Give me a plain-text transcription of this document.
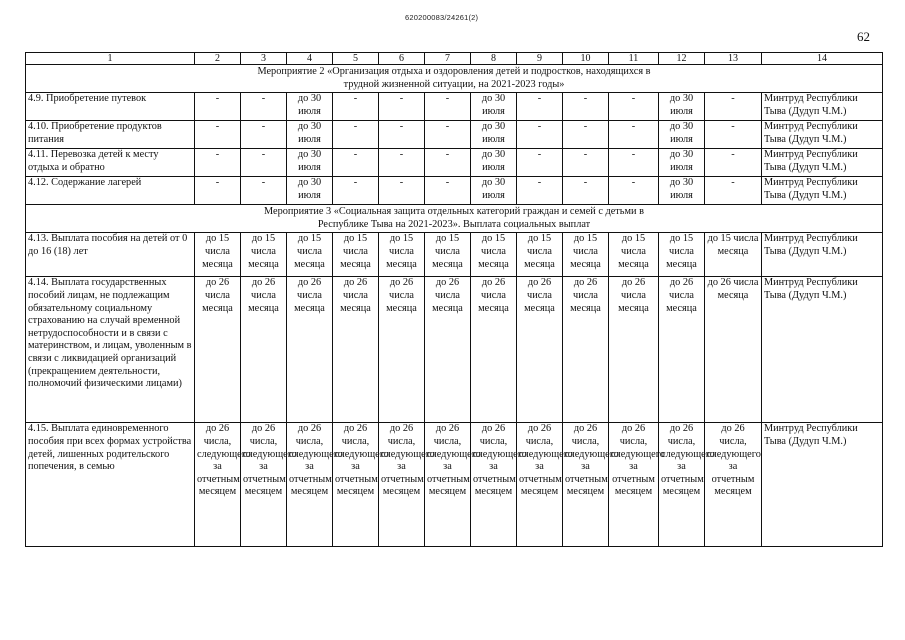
620200083/24261(2)
62
1	2	3	4	5	6	7	8	9	10	11	12	13	14
Мероприятие 2 «Организация отдыха и оздоровления детей и подростков, находящихся в трудной жизненной ситуации, на 2021-2023 годы»													
4.9. Приобретение путевок	-	-	до 30 июля	-	-	-	до 30 июля	-	-	-	до 30 июля	-	Минтруд Республики Тыва (Дудуп Ч.М.)
4.10. Приобретение продуктов питания	-	-	до 30 июля	-	-	-	до 30 июля	-	-	-	до 30 июля	-	Минтруд Республики Тыва (Дудуп Ч.М.)
4.11. Перевозка детей к месту отдыха и обратно	-	-	до 30 июля	-	-	-	до 30 июля	-	-	-	до 30 июля	-	Минтруд Республики Тыва (Дудуп Ч.М.)
4.12. Содержание лагерей	-	-	до 30 июля	-	-	-	до 30 июля	-	-	-	до 30 июля	-	Минтруд Республики Тыва (Дудуп Ч.М.)
Мероприятие 3 «Социальная защита отдельных категорий граждан и семей с детьми в Республике Тыва на 2021-2023». Выплата социальных выплат													
4.13. Выплата пособия на детей от 0 до 16 (18) лет	до 15 числа месяца	до 15 числа месяца	до 15 числа месяца	до 15 числа месяца	до 15 числа месяца	до 15 числа месяца	до 15 числа месяца	до 15 числа месяца	до 15 числа месяца	до 15 числа месяца	до 15 числа месяца	до 15 числа месяца	Минтруд Республики Тыва (Дудуп Ч.М.)
4.14. Выплата государственных пособий лицам, не подлежащим обязательному социальному страхованию на случай временной нетрудоспособности и в связи с материнством, и лицам, уволенным в связи с ликвидацией организаций (прекращением деятельности, полномочий физическими лицами)	до 26 числа месяца	до 26 числа месяца	до 26 числа месяца	до 26 числа месяца	до 26 числа месяца	до 26 числа месяца	до 26 числа месяца	до 26 числа месяца	до 26 числа месяца	до 26 числа месяца	до 26 числа месяца	до 26 числа месяца	Минтруд Республики Тыва (Дудуп Ч.М.)
4.15. Выплата единовременного пособия при всех формах устройства детей, лишенных родительского попечения, в семью	до 26 числа, следующего за отчетным месяцем	до 26 числа, следующего за отчетным месяцем	до 26 числа, следующего за отчетным месяцем	до 26 числа, следующего за отчетным месяцем	до 26 числа, следующего за отчетным месяцем	до 26 числа, следующего за отчетным месяцем	до 26 числа, следующего за отчетным месяцем	до 26 числа, следующего за отчетным месяцем	до 26 числа, следующего за отчетным месяцем	до 26 числа, следующего за отчетным месяцем	до 26 числа, следующего за отчетным месяцем	до 26 числа, следующего за отчетным месяцем	Минтруд Республики Тыва (Дудуп Ч.М.)
